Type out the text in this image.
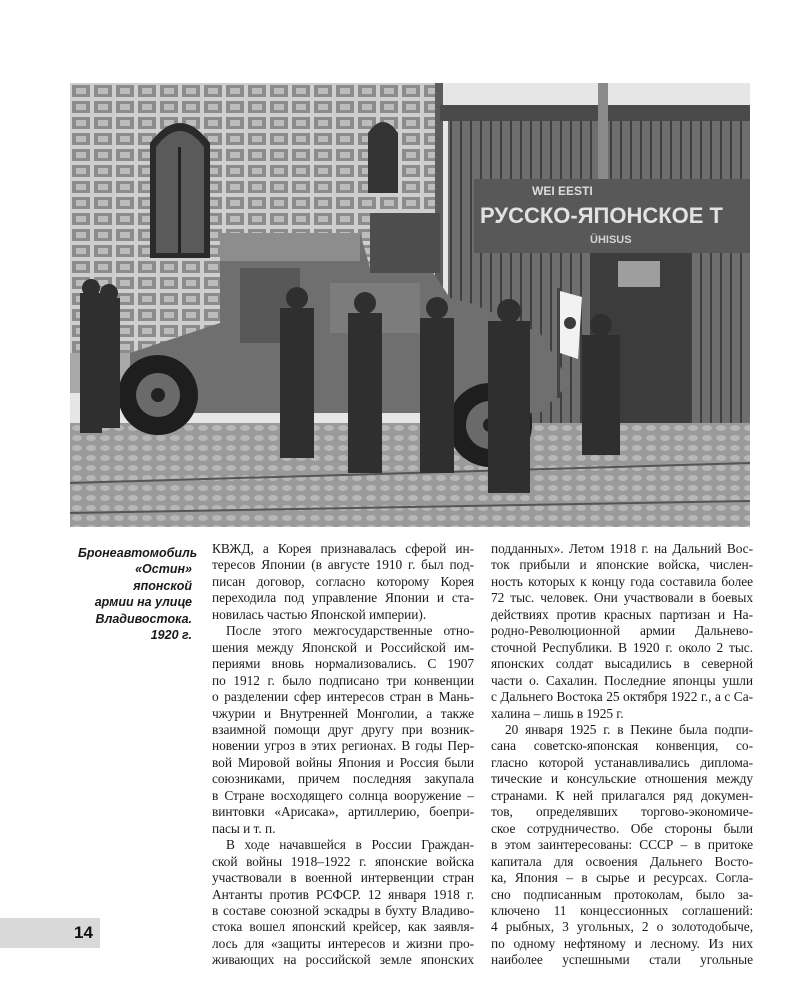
WEI EESTI
РУССКО-ЯПОНСКОЕ Т
ÜHISUS
Бронеавтомобиль
«Остин» японской
армии на улице
Владивостока.
1920 г.
КВЖД, а Корея признавалась сферой ин-
тересов Японии (в августе 1910 г. был под-
писан договор, согласно которому Корея
переходила под управление Японии и ста-
новилась частью Японской империи).
После этого межгосударственные отно-
шения между Японской и Российской им-
периями вновь нормализовались. С 1907
по 1912 г. было подписано три конвенции
о разделении сфер интересов стран в Мань-
чжурии и Внутренней Монголии, а также
взаимной помощи друг другу при возник-
новении угроз в этих регионах. В годы Пер-
вой Мировой войны Япония и Россия были
союзниками, причем последняя закупала
в Стране восходящего солнца вооружение –
винтовки «Арисака», артиллерию, боепри-
пасы и т. п.
В ходе начавшейся в России Граждан-
ской войны 1918–1922 г. японские войска
участвовали в военной интервенции стран
Антанты против РСФСР. 12 января 1918 г.
в составе союзной эскадры в бухту Владиво-
стока вошел японский крейсер, как заявля-
лось для «защиты интересов и жизни про-
живающих на российской земле японских
подданных». Летом 1918 г. на Дальний Вос-
ток прибыли и японские войска, числен-
ность которых к концу года составила более
72 тыс. человек. Они участвовали в боевых
действиях против красных партизан и На-
родно-Революционной армии Дальнево-
сточной Республики. В 1920 г. около 2 тыс.
японских солдат высадились в северной
части о. Сахалин. Последние японцы ушли
с Дальнего Востока 25 октября 1922 г., а с Са-
халина – лишь в 1925 г.
20 января 1925 г. в Пекине была подпи-
сана советско-японская конвенция, со-
гласно которой устанавливались диплома-
тические и консульские отношения между
странами. К ней прилагался ряд докумен-
тов, определявших торгово-экономиче-
ское сотрудничество. Обе стороны были
в этом заинтересованы: СССР – в притоке
капитала для освоения Дальнего Восто-
ка, Япония – в сырье и ресурсах. Согла-
сно подписанным протоколам, было за-
ключено 11 концессионных соглашений:
4 рыбных, 3 угольных, 2 о золотодобыче,
по одному нефтяному и лесному. Из них
наиболее успешными стали угольные
14
